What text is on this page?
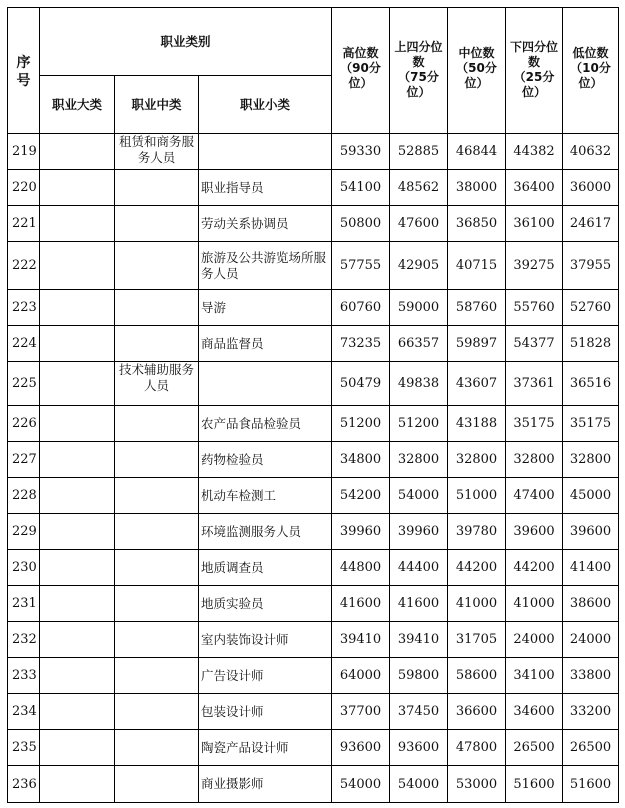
序
号	职业类别			高位数
（90分
位）	上四分位
数
（75分
位）	中位数
（50分
位）	下四分位
数
（25分
位）	低位数
（10分
位）
	职业大类	职业中类	职业小类					
219		租赁和商务服务人员		59330	52885	46844	44382	40632
220			职业指导员	54100	48562	38000	36400	36000
221			劳动关系协调员	50800	47600	36850	36100	24617
222			旅游及公共游览场所服务人员	57755	42905	40715	39275	37955
223			导游	60760	59000	58760	55760	52760
224			商品监督员	73235	66357	59897	54377	51828
225		技术辅助服务人员		50479	49838	43607	37361	36516
226			农产品食品检验员	51200	51200	43188	35175	35175
227			药物检验员	34800	32800	32800	32800	32800
228			机动车检测工	54200	54000	51000	47400	45000
229			环境监测服务人员	39960	39960	39780	39600	39600
230			地质调查员	44800	44400	44200	44200	41400
231			地质实验员	41600	41600	41000	41000	38600
232			室内装饰设计师	39410	39410	31705	24000	24000
233			广告设计师	64000	59800	58600	34100	33800
234			包装设计师	37700	37450	36600	34600	33200
235			陶瓷产品设计师	93600	93600	47800	26500	26500
236			商业摄影师	54000	54000	53000	51600	51600
